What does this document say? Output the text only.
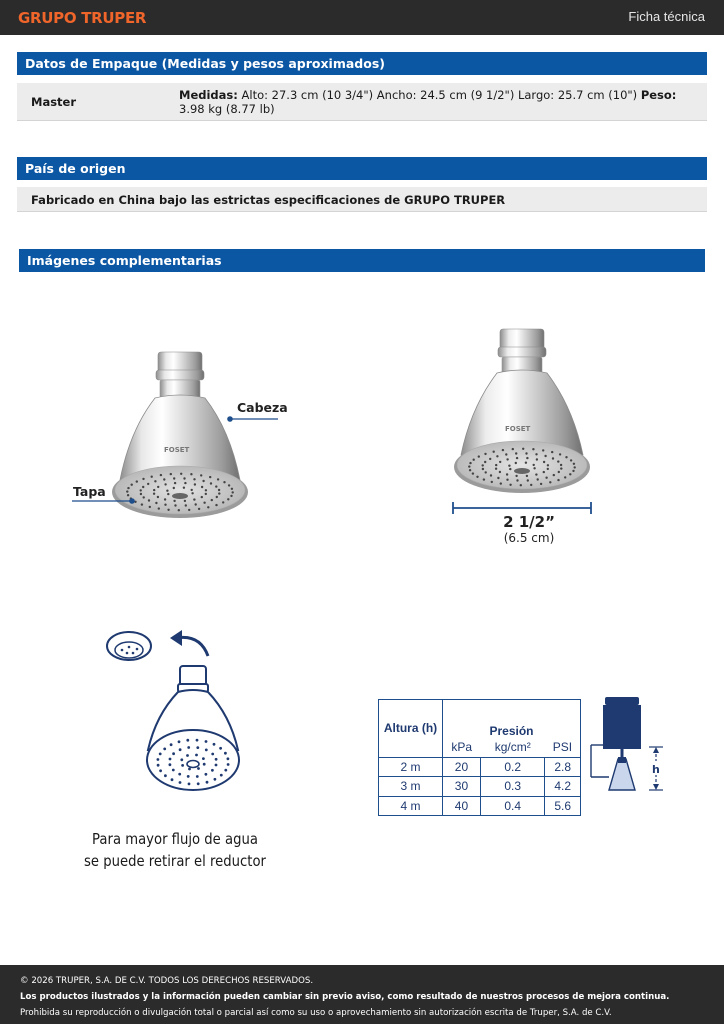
GRUPO TRUPER	Ficha técnica
Datos de Empaque (Medidas y pesos aproximados)
Master	Medidas: Alto: 27.3 cm (10 3/4") Ancho: 24.5 cm (9 1/2") Largo: 25.7 cm (10") Peso: 3.98 kg (8.77 lb)
País de origen
Fabricado en China bajo las estrictas especificaciones de GRUPO TRUPER
Imágenes complementarias
FOSET
Cabeza
Tapa
FOSET
2 1/2”
(6.5 cm)
Para mayor flujo de agua
se puede retirar el reductor
Altura (h)	Presión		
	kPa	kg/cm²	PSI
2 m	20	0.2	2.8
3 m	30	0.3	4.2
4 m	40	0.4	5.6
h
© 2026 TRUPER, S.A. DE C.V. TODOS LOS DERECHOS RESERVADOS.
Los productos ilustrados y la información pueden cambiar sin previo aviso, como resultado de nuestros procesos de mejora continua.
Prohibida su reproducción o divulgación total o parcial así como su uso o aprovechamiento sin autorización escrita de Truper, S.A. de C.V.
